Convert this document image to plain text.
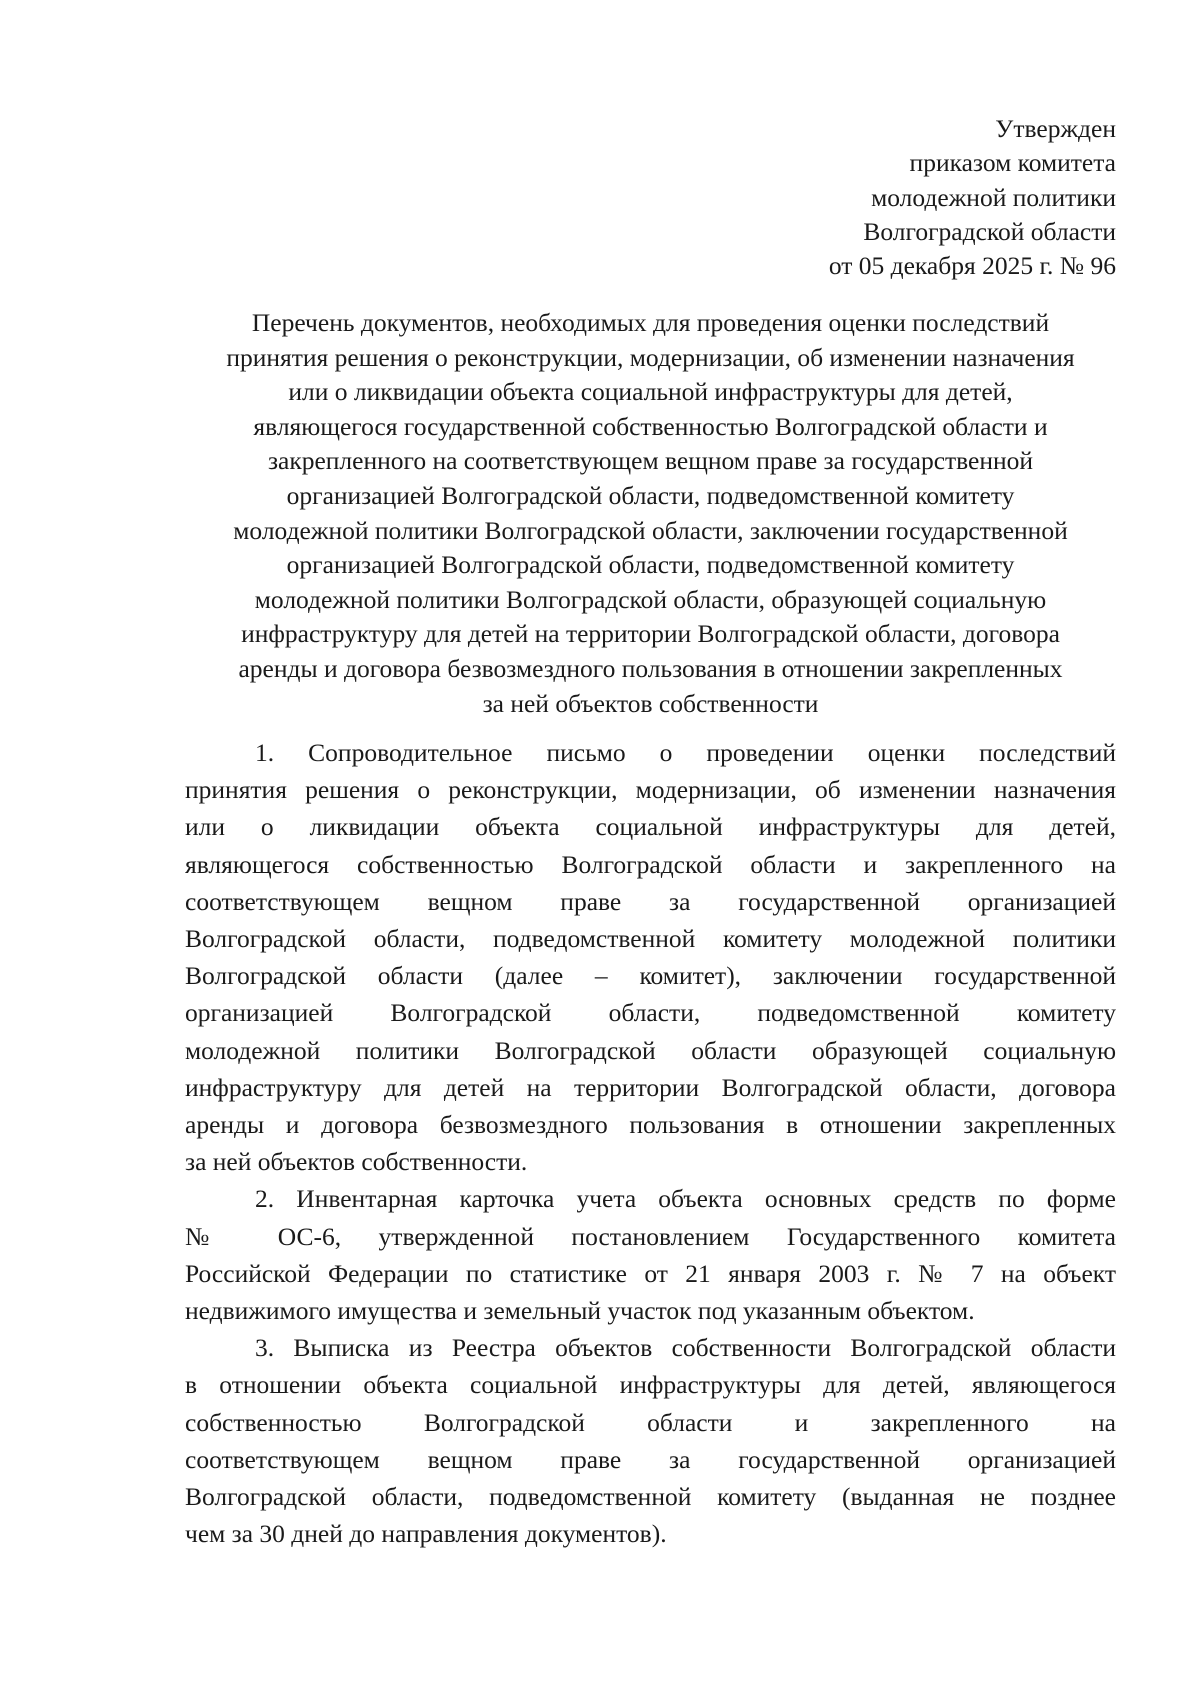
Утвержден
приказом комитета
молодежной политики
Волгоградской области
от 05 декабря 2025 г. № 96
Перечень документов, необходимых для проведения оценки последствий
принятия решения о реконструкции, модернизации, об изменении назначения
или о ликвидации объекта социальной инфраструктуры для детей,
являющегося государственной собственностью Волгоградской области и
закрепленного на соответствующем вещном праве за государственной
организацией Волгоградской области, подведомственной комитету
молодежной политики Волгоградской области, заключении государственной
организацией Волгоградской области, подведомственной комитету
молодежной политики Волгоградской области, образующей социальную
инфраструктуру для детей на территории Волгоградской области, договора
аренды и договора безвозмездного пользования в отношении закрепленных
за ней объектов собственности
1. Сопроводительное письмо о проведении оценки последствий
принятия решения о реконструкции, модернизации, об изменении назначения
или о ликвидации объекта социальной инфраструктуры для детей,
являющегося собственностью Волгоградской области и закрепленного на
соответствующем вещном праве за государственной организацией
Волгоградской области, подведомственной комитету молодежной политики
Волгоградской области (далее – комитет), заключении государственной
организацией Волгоградской области, подведомственной комитету
молодежной политики Волгоградской области образующей социальную
инфраструктуру для детей на территории Волгоградской области, договора
аренды и договора безвозмездного пользования в отношении закрепленных
за ней объектов собственности.
2. Инвентарная карточка учета объекта основных средств по форме
№ ОС-6, утвержденной постановлением Государственного комитета
Российской Федерации по статистике от 21 января 2003 г. № 7 на объект
недвижимого имущества и земельный участок под указанным объектом.
3. Выписка из Реестра объектов собственности Волгоградской области
в отношении объекта социальной инфраструктуры для детей, являющегося
собственностью Волгоградской области и закрепленного на
соответствующем вещном праве за государственной организацией
Волгоградской области, подведомственной комитету (выданная не позднее
чем за 30 дней до направления документов).
